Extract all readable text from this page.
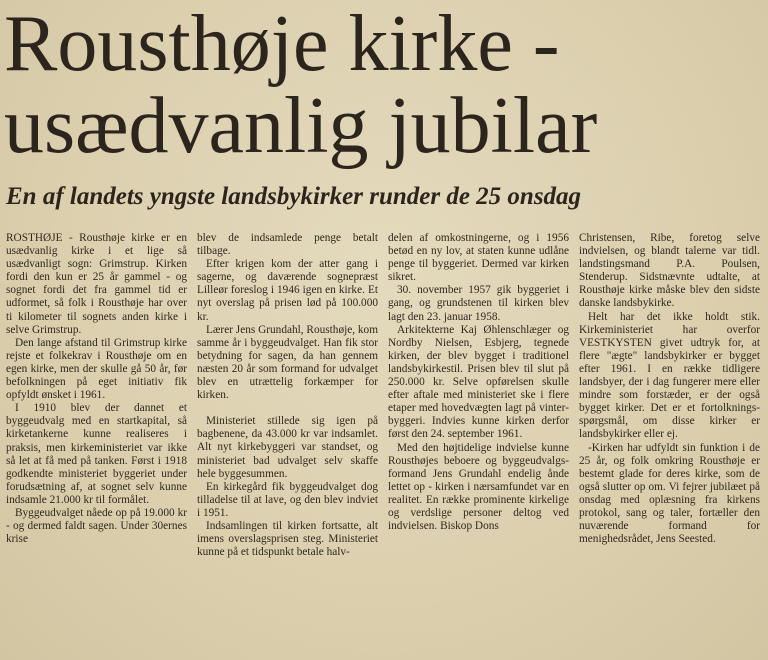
Rousthøje kirke -
usædvanlig jubilar
En af landets yngste landsbykirker runder de 25 onsdag

ROSTHØJE - Rousthøje kirke er en usædvanlig kirke i et lige så usædvanligt sogn: Grimstrup. Kirken fordi den kun er 25 år gammel - og sognet fordi det fra gammel tid er udformet, så folk i Rousthøje har over ti kilometer til sognets anden kirke i selve Grimstrup.

Den lange afstand til Grimstrup kirke rejste et folkekrav i Rousthøje om en egen kirke, men der skulle gå 50 år, før befolkningen på eget initiativ fik opfyldt ønsket i 1961.

I 1910 blev der dannet et byggeudvalg med en startkapital, så kirketankerne kunne realiseres i praksis, men kirkeministeriet var ikke så let at få med på tanken. Først i 1918 godkendte ministeriet byggeriet under forudsætning af, at sognet selv kunne indsamle 21.000 kr til formålet.

Byggeudvalget nåede op på 19.000 kr - og dermed faldt sagen. Under 30ernes krise

blev de indsamlede penge betalt tilbage.

Efter krigen kom der atter gang i sagerne, og daværende sognepræst Lilleør foreslog i 1946 igen en kirke. Et nyt overslag på prisen lød på 100.000 kr.

Lærer Jens Grundahl, Rousthøje, kom samme år i byggeudvalget. Han fik stor betydning for sagen, da han gennem næsten 20 år som formand for udvalget blev en utrættelig forkæmper for kirken.

Ministeriet stillede sig igen på bagbenene, da 43.000 kr var indsamlet. Alt nyt kirkebyggeri var standset, og ministeriet bad udvalget selv skaffe hele byggesummen.

En kirkegård fik byggeudvalget dog tilladelse til at lave, og den blev indviet i 1951.

Indsamlingen til kirken fortsatte, alt imens overslagsprisen steg. Ministeriet kunne på et tidspunkt betale halv-

delen af omkostningerne, og i 1956 betød en ny lov, at staten kunne udlåne penge til byggeriet. Dermed var kirken sikret.

30. november 1957 gik byggeriet i gang, og grundstenen til kirken blev lagt den 23. januar 1958.

Arkitekterne Kaj Øhlenschlæger og Nordby Nielsen, Esbjerg, tegnede kirken, der blev bygget i traditionel landsbykirkestil. Prisen blev til slut på 250.000 kr. Selve opførelsen skulle efter aftale med ministeriet ske i flere etaper med hovedvægten lagt på vinter-byggeri. Indvies kunne kirken derfor først den 24. september 1961.

Med den højtidelige indvielse kunne Rousthøjes beboere og byggeudvalgs-formand Jens Grundahl endelig ånde lettet op - kirken i nærsamfundet var en realitet. En række prominente kirkelige og verdslige personer deltog ved indvielsen. Biskop Dons

Christensen, Ribe, foretog selve indvielsen, og blandt talerne var tidl. landstingsmand P.A. Poulsen, Stenderup. Sidstnævnte udtalte, at Rousthøje kirke måske blev den sidste danske landsbykirke.

Helt har det ikke holdt stik. Kirkeministeriet har overfor VESTKYSTEN givet udtryk for, at flere "ægte" landsbykirker er bygget efter 1961. I en række tidligere landsbyer, der i dag fungerer mere eller mindre som forstæder, er der også bygget kirker. Det er et fortolknings-spørgsmål, om disse kirker er landsbykirker eller ej.

-Kirken har udfyldt sin funktion i de 25 år, og folk omkring Rousthøje er bestemt glade for deres kirke, som de også slutter op om. Vi fejrer jubilæet på onsdag med oplæsning fra kirkens protokol, sang og taler, fortæller den nuværende formand for menighedsrådet, Jens Seested.
